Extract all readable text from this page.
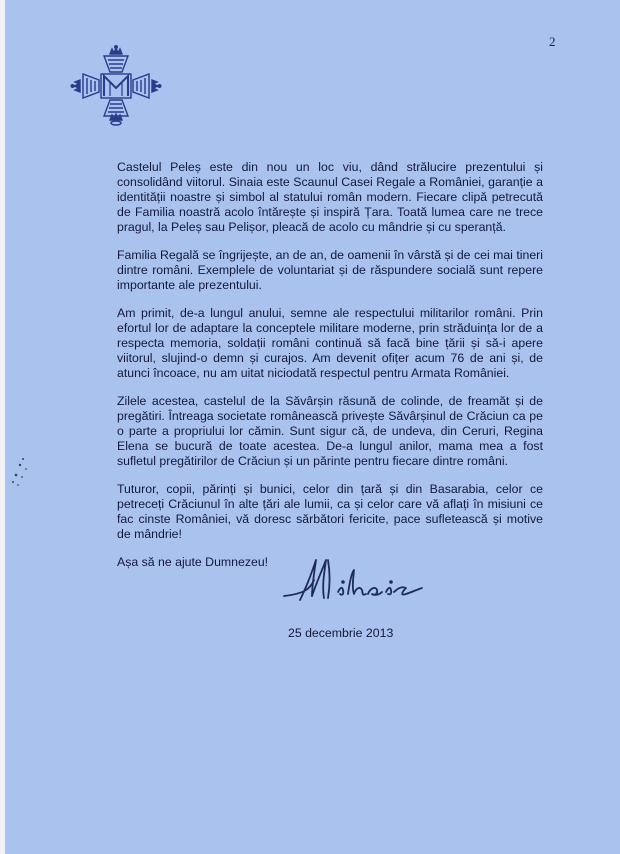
2

Castelul Peleș este din nou un loc viu, dând strălucire prezentului și consolidând viitorul. Sinaia este Scaunul Casei Regale a României, garanție a identității noastre și simbol al statului român modern. Fiecare clipă petrecută de Familia noastră acolo întărește și inspiră Țara. Toată lumea care ne trece pragul, la Peleș sau Pelișor, pleacă de acolo cu mândrie și cu speranță.

Familia Regală se îngrijește, an de an, de oamenii în vârstă și de cei mai tineri dintre români. Exemplele de voluntariat și de răspundere socială sunt repere importante ale prezentului.

Am primit, de-a lungul anului, semne ale respectului militarilor români. Prin efortul lor de adaptare la conceptele militare moderne, prin străduința lor de a respecta memoria, soldații români continuă să facă bine țării și să-i apere viitorul, slujind-o demn și curajos. Am devenit ofițer acum 76 de ani și, de atunci încoace, nu am uitat niciodată respectul pentru Armata României.

Zilele acestea, castelul de la Săvârșin răsună de colinde, de freamăt și de pregătiri. Întreaga societate românească privește Săvârșinul de Crăciun ca pe o parte a propriului lor cămin. Sunt sigur că, de undeva, din Ceruri, Regina Elena se bucură de toate acestea. De-a lungul anilor, mama mea a fost sufletul pregătirilor de Crăciun și un părinte pentru fiecare dintre români.

Tuturor, copii, părinți și bunici, celor din țară și din Basarabia, celor ce petreceți Crăciunul în alte țări ale lumii, ca și celor care vă aflați în misiuni ce fac cinste României, vă doresc sărbători fericite, pace sufletească și motive de mândrie!

Așa să ne ajute Dumnezeu!

25 decembrie 2013
